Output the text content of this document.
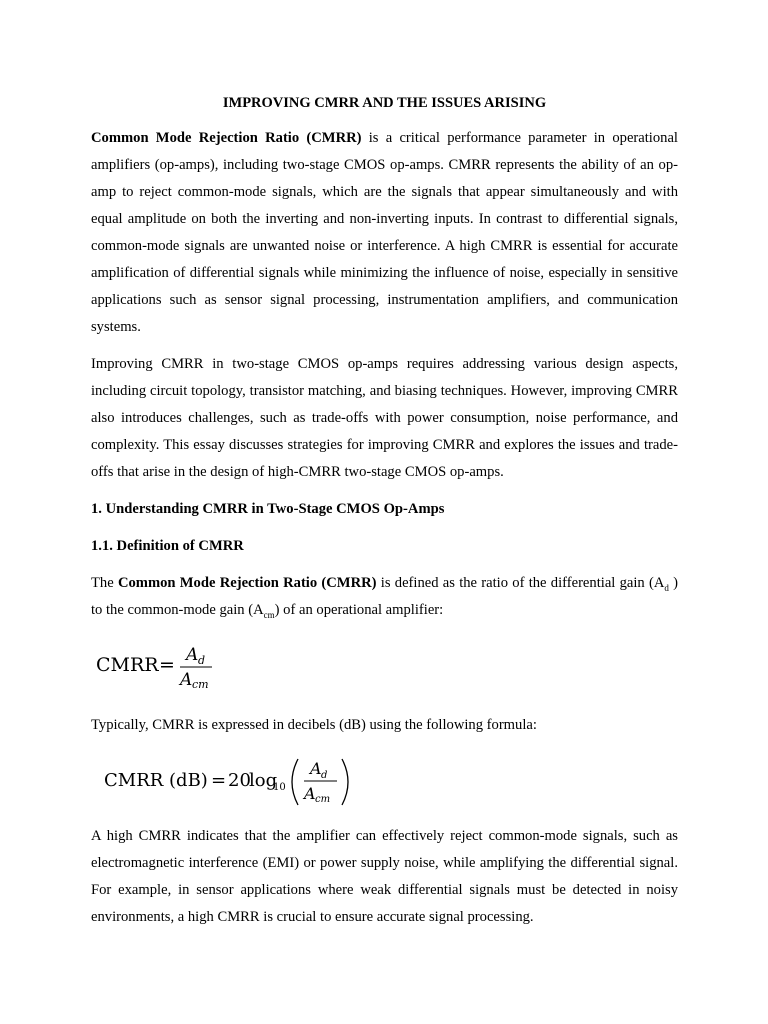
IMPROVING CMRR AND THE ISSUES ARISING

Common Mode Rejection Ratio (CMRR) is a critical performance parameter in operational amplifiers (op-amps), including two-stage CMOS op-amps. CMRR represents the ability of an op-amp to reject common-mode signals, which are the signals that appear simultaneously and with equal amplitude on both the inverting and non-inverting inputs. In contrast to differential signals, common-mode signals are unwanted noise or interference. A high CMRR is essential for accurate amplification of differential signals while minimizing the influence of noise, especially in sensitive applications such as sensor signal processing, instrumentation amplifiers, and communication systems.

Improving CMRR in two-stage CMOS op-amps requires addressing various design aspects, including circuit topology, transistor matching, and biasing techniques. However, improving CMRR also introduces challenges, such as trade-offs with power consumption, noise performance, and complexity. This essay discusses strategies for improving CMRR and explores the issues and trade-offs that arise in the design of high-CMRR two-stage CMOS op-amps.

1. Understanding CMRR in Two-Stage CMOS Op-Amps
1.1. Definition of CMRR

The Common Mode Rejection Ratio (CMRR) is defined as the ratio of the differential gain ($A_d$ ) to the common-mode gain $(A_{cm})$ of an operational amplifier:

CMRR = A d
A cm

Typically, CMRR is expressed in decibels (dB) using the following formula:

CMRR (dB) = 20
log
10
A d
A cm

A high CMRR indicates that the amplifier can effectively reject common-mode signals, such as electromagnetic interference (EMI) or power supply noise, while amplifying the differential signal. For example, in sensor applications where weak differential signals must be detected in noisy environments, a high CMRR is crucial to ensure accurate signal processing.
